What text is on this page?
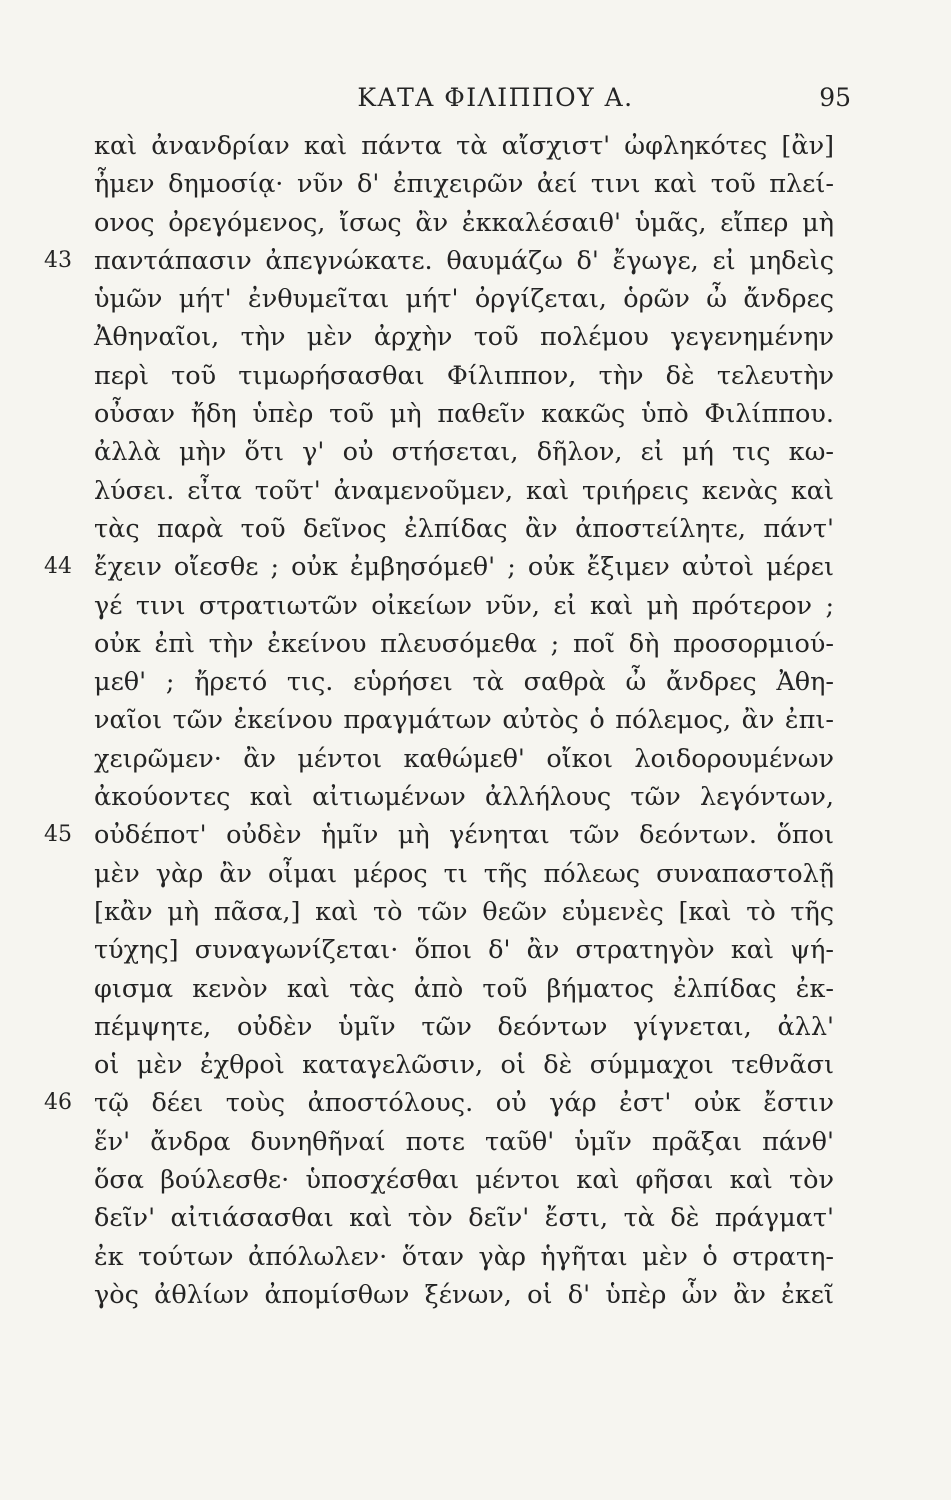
ΚΑΤΑ ΦΙΛΙΠΠΟΥ Α.	95
καὶ ἀνανδρίαν καὶ πάντα τὰ αἴσχιστ' ὠφληκότες [ἂν]
ἦμεν δημοσίᾳ· νῦν δ' ἐπιχειρῶν ἀεί τινι καὶ τοῦ πλεί-
ονος ὀρεγόμενος, ἴσως ἂν ἐκκαλέσαιθ' ὑμᾶς, εἴπερ μὴ
43 παντάπασιν ἀπεγνώκατε. θαυμάζω δ' ἔγωγε, εἰ μηδεὶς
ὑμῶν μήτ' ἐνθυμεῖται μήτ' ὀργίζεται, ὁρῶν ὦ ἄνδρες
Ἀθηναῖοι, τὴν μὲν ἀρχὴν τοῦ πολέμου γεγενημένην
περὶ τοῦ τιμωρήσασθαι Φίλιππον, τὴν δὲ τελευτὴν
οὖσαν ἤδη ὑπὲρ τοῦ μὴ παθεῖν κακῶς ὑπὸ Φιλίππου.
ἀλλὰ μὴν ὅτι γ' οὐ στήσεται, δῆλον, εἰ μή τις κω-
λύσει. εἶτα τοῦτ' ἀναμενοῦμεν, καὶ τριήρεις κενὰς καὶ
τὰς παρὰ τοῦ δεῖνος ἐλπίδας ἂν ἀποστείλητε, πάντ'
44 ἔχειν οἴεσθε ; οὐκ ἐμβησόμεθ' ; οὐκ ἔξιμεν αὐτοὶ μέρει
γέ τινι στρατιωτῶν οἰκείων νῦν, εἰ καὶ μὴ πρότερον ;
οὐκ ἐπὶ τὴν ἐκείνου πλευσόμεθα ; ποῖ δὴ προσορμιού-
μεθ' ; ἤρετό τις. εὑρήσει τὰ σαθρὰ ὦ ἄνδρες Ἀθη-
ναῖοι τῶν ἐκείνου πραγμάτων αὐτὸς ὁ πόλεμος, ἂν ἐπι-
χειρῶμεν· ἂν μέντοι καθώμεθ' οἴκοι λοιδορουμένων
ἀκούοντες καὶ αἰτιωμένων ἀλλήλους τῶν λεγόντων,
45 οὐδέποτ' οὐδὲν ἡμῖν μὴ γένηται τῶν δεόντων. ὅποι
μὲν γὰρ ἂν οἶμαι μέρος τι τῆς πόλεως συναπαστολῇ
[κἂν μὴ πᾶσα,] καὶ τὸ τῶν θεῶν εὐμενὲς [καὶ τὸ τῆς
τύχης] συναγωνίζεται· ὅποι δ' ἂν στρατηγὸν καὶ ψή-
φισμα κενὸν καὶ τὰς ἀπὸ τοῦ βήματος ἐλπίδας ἐκ-
πέμψητε, οὐδὲν ὑμῖν τῶν δεόντων γίγνεται, ἀλλ'
οἱ μὲν ἐχθροὶ καταγελῶσιν, οἱ δὲ σύμμαχοι τεθνᾶσι
46 τῷ δέει τοὺς ἀποστόλους. οὐ γάρ ἐστ' οὐκ ἔστιν
ἕν' ἄνδρα δυνηθῆναί ποτε ταῦθ' ὑμῖν πρᾶξαι πάνθ'
ὅσα βούλεσθε· ὑποσχέσθαι μέντοι καὶ φῆσαι καὶ τὸν
δεῖν' αἰτιάσασθαι καὶ τὸν δεῖν' ἔστι, τὰ δὲ πράγματ'
ἐκ τούτων ἀπόλωλεν· ὅταν γὰρ ἡγῆται μὲν ὁ στρατη-
γὸς ἀθλίων ἀπομίσθων ξένων, οἱ δ' ὑπὲρ ὧν ἂν ἐκεῖ
